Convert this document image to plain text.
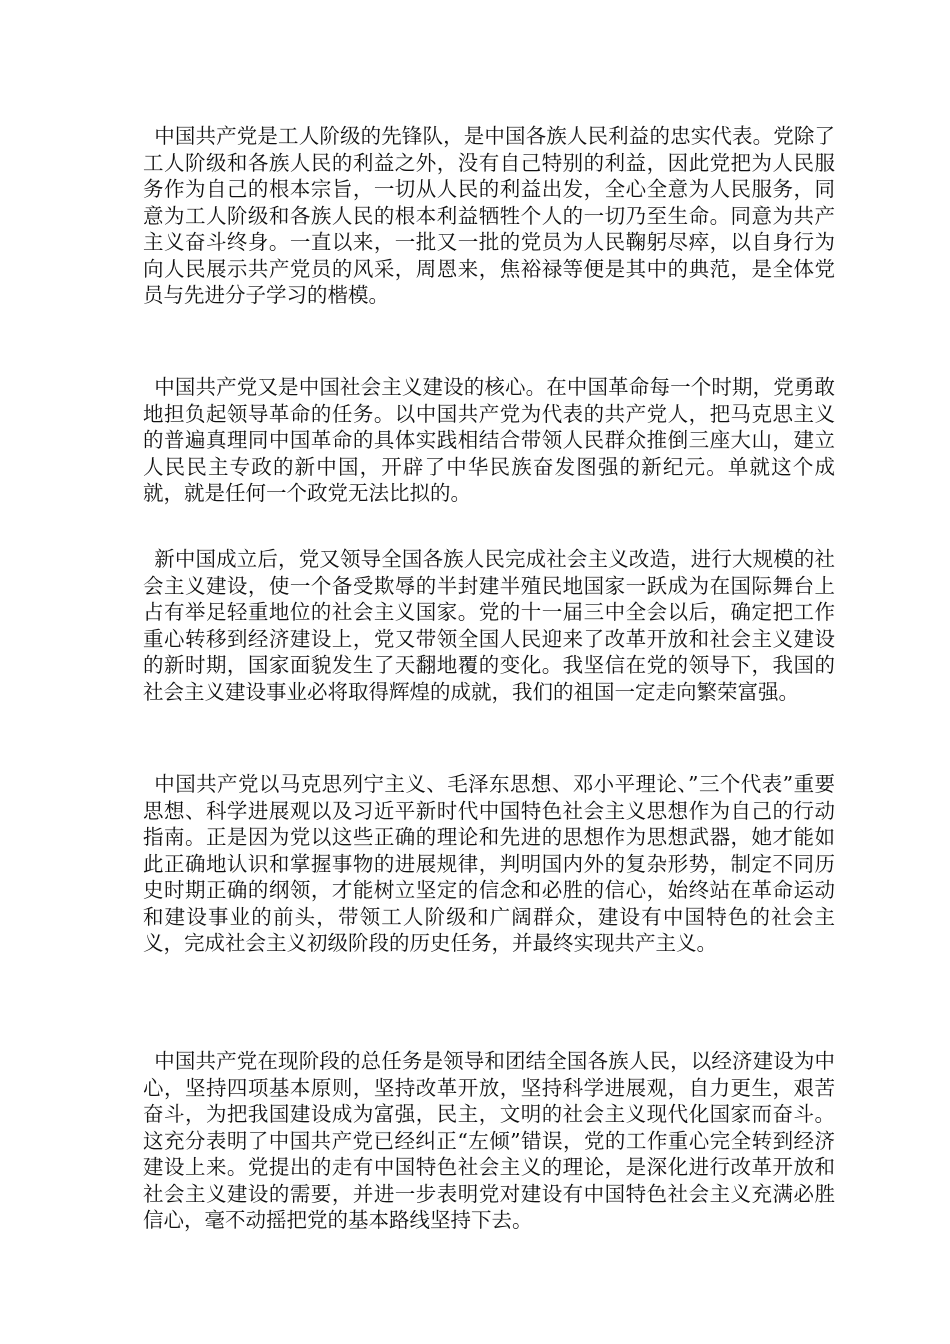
中国共产党是工人阶级的先锋队，是中国各族人民利益的忠实代表。党除了工人阶级和各族人民的利益之外，没有自己特别的利益，因此党把为人民服务作为自己的根本宗旨，一切从人民的利益出发，全心全意为人民服务，同意为工人阶级和各族人民的根本利益牺牲个人的一切乃至生命。同意为共产主义奋斗终身。一直以来，一批又一批的党员为人民鞠躬尽瘁，以自身行为向人民展示共产党员的风采，周恩来，焦裕禄等便是其中的典范，是全体党员与先进分子学习的楷模。

中国共产党又是中国社会主义建设的核心。在中国革命每一个时期，党勇敢地担负起领导革命的任务。以中国共产党为代表的共产党人，把马克思主义的普遍真理同中国革命的具体实践相结合带领人民群众推倒三座大山，建立人民民主专政的新中国，开辟了中华民族奋发图强的新纪元。单就这个成就，就是任何一个政党无法比拟的。

新中国成立后，党又领导全国各族人民完成社会主义改造，进行大规模的社会主义建设，使一个备受欺辱的半封建半殖民地国家一跃成为在国际舞台上占有举足轻重地位的社会主义国家。党的十一届三中全会以后，确定把工作重心转移到经济建设上，党又带领全国人民迎来了改革开放和社会主义建设的新时期，国家面貌发生了天翻地覆的变化。我坚信在党的领导下，我国的社会主义建设事业必将取得辉煌的成就，我们的祖国一定走向繁荣富强。

中国共产党以马克思列宁主义、毛泽东思想、邓小平理论、”三个代表”重要思想、科学进展观以及习近平新时代中国特色社会主义思想作为自己的行动指南。正是因为党以这些正确的理论和先进的思想作为思想武器，她才能如此正确地认识和掌握事物的进展规律，判明国内外的复杂形势，制定不同历史时期正确的纲领，才能树立坚定的信念和必胜的信心，始终站在革命运动和建设事业的前头，带领工人阶级和广阔群众，建设有中国特色的社会主义，完成社会主义初级阶段的历史任务，并最终实现共产主义。

中国共产党在现阶段的总任务是领导和团结全国各族人民，以经济建设为中心，坚持四项基本原则，坚持改革开放，坚持科学进展观，自力更生，艰苦奋斗，为把我国建设成为富强，民主，文明的社会主义现代化国家而奋斗。这充分表明了中国共产党已经纠正“左倾”错误，党的工作重心完全转到经济建设上来。党提出的走有中国特色社会主义的理论，是深化进行改革开放和社会主义建设的需要，并进一步表明党对建设有中国特色社会主义充满必胜信心，毫不动摇把党的基本路线坚持下去。
